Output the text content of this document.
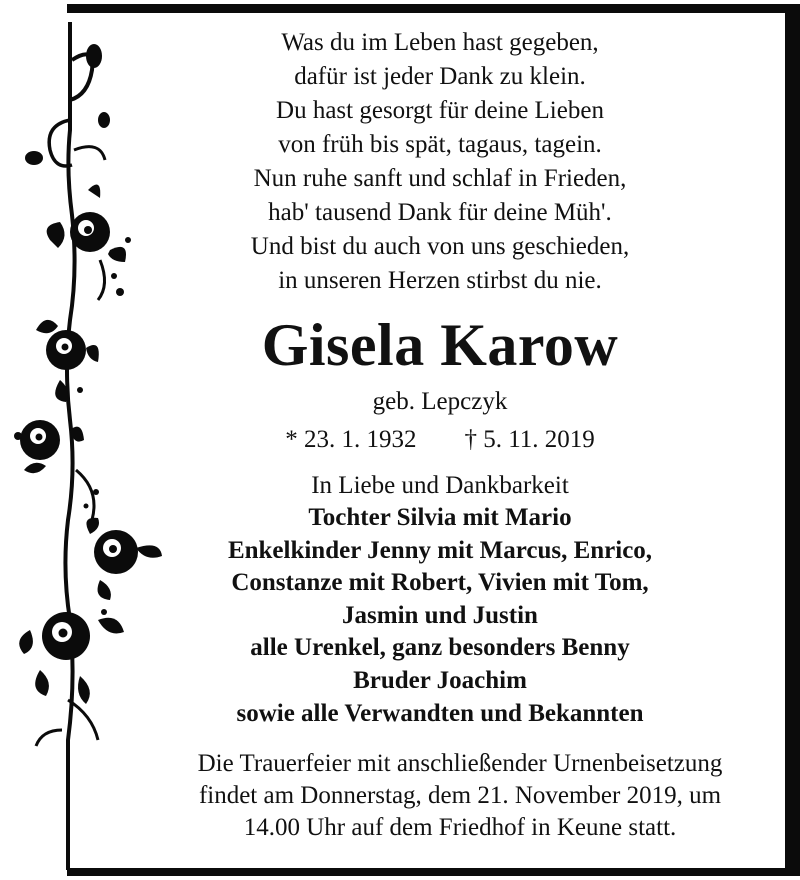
Was du im Leben hast gegeben,
dafür ist jeder Dank zu klein.
Du hast gesorgt für deine Lieben
von früh bis spät, tagaus, tagein.
Nun ruhe sanft und schlaf in Frieden,
hab' tausend Dank für deine Müh'.
Und bist du auch von uns geschieden,
in unseren Herzen stirbst du nie.
Gisela Karow
geb. Lepczyk
* 23. 1. 1932 † 5. 11. 2019
In Liebe und Dankbarkeit
Tochter Silvia mit Mario
Enkelkinder Jenny mit Marcus, Enrico,
Constanze mit Robert, Vivien mit Tom,
Jasmin und Justin
alle Urenkel, ganz besonders Benny
Bruder Joachim
sowie alle Verwandten und Bekannten
Die Trauerfeier mit anschließender Urnenbeisetzung
findet am Donnerstag, dem 21. November 2019, um
14.00 Uhr auf dem Friedhof in Keune statt.
